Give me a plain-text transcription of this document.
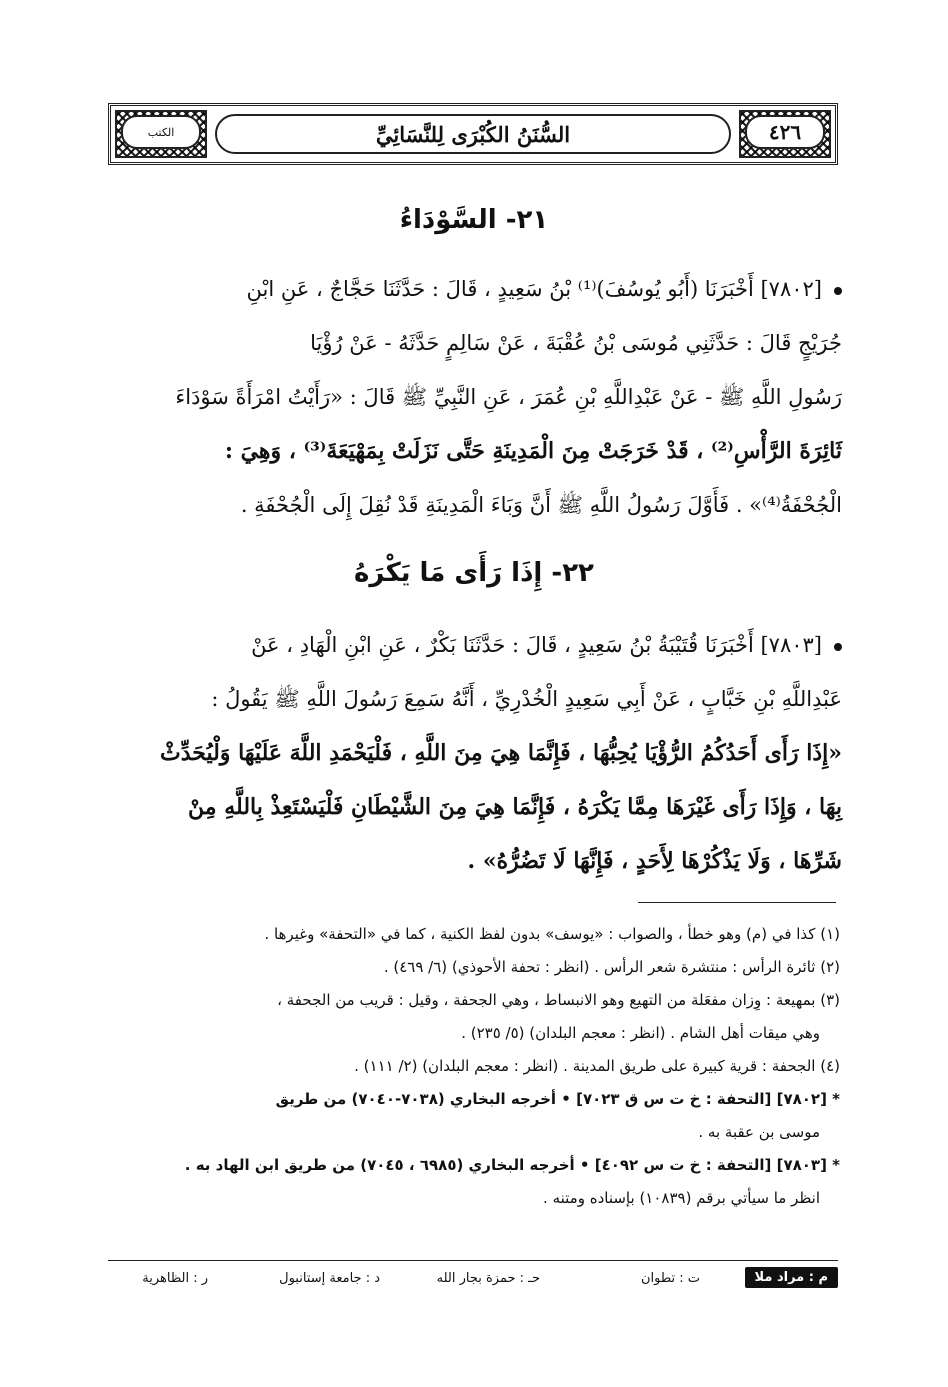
٤٢٦
الكتب	السُّنَنُ الكُبْرَى لِلنَّسَائِيِّ
٢١- السَّوْدَاءُ
[٧٨٠٢] أَخْبَرَنَا (أَبُو يُوسُفَ)⁽¹⁾ بْنُ سَعِيدٍ ، قَالَ : حَدَّثَنَا حَجَّاجٌ ، عَنِ ابْنِ
جُرَيْجٍ قَالَ : حَدَّثَنِي مُوسَى بْنُ عُقْبَةَ ، عَنْ سَالِمٍ حَدَّثَهُ - عَنْ رُؤْيَا
رَسُولِ اللَّهِ ﷺ - عَنْ عَبْدِاللَّهِ بْنِ عُمَرَ ، عَنِ النَّبِيِّ ﷺ قَالَ : «رَأَيْتُ امْرَأَةً سَوْدَاءَ
ثَائِرَةَ الرَّأْسِ⁽²⁾ ، قَدْ خَرَجَتْ مِنَ الْمَدِينَةِ حَتَّى نَزَلَتْ بِمَهْيَعَةَ⁽³⁾ ، وَهِيَ :
الْجُحْفَةُ⁽⁴⁾» . فَأَوَّلَ رَسُولُ اللَّهِ ﷺ أَنَّ وَبَاءَ الْمَدِينَةِ قَدْ نُقِلَ إِلَى الْجُحْفَةِ .
٢٢- إِذَا رَأَى مَا يَكْرَهُ
[٧٨٠٣] أَخْبَرَنَا قُتَيْبَةُ بْنُ سَعِيدٍ ، قَالَ : حَدَّثَنَا بَكْرٌ ، عَنِ ابْنِ الْهَادِ ، عَنْ
عَبْدِاللَّهِ بْنِ خَبَّابٍ ، عَنْ أَبِي سَعِيدٍ الْخُدْرِيِّ ، أَنَّهُ سَمِعَ رَسُولَ اللَّهِ ﷺ يَقُولُ :
«إِذَا رَأَى أَحَدُكُمُ الرُّؤْيَا يُحِبُّهَا ، فَإِنَّمَا هِيَ مِنَ اللَّهِ ، فَلْيَحْمَدِ اللَّهَ عَلَيْهَا وَلْيُحَدِّثْ
بِهَا ، وَإِذَا رَأَى غَيْرَهَا مِمَّا يَكْرَهُ ، فَإِنَّمَا هِيَ مِنَ الشَّيْطَانِ فَلْيَسْتَعِذْ بِاللَّهِ مِنْ
شَرِّهَا ، وَلَا يَذْكُرْهَا لِأَحَدٍ ، فَإِنَّهَا لَا تَضُرُّهُ» .
(١) كذا في (م) وهو خطأ ، والصواب : «يوسف» بدون لفظ الكنية ، كما في «التحفة» وغيرها .
(٢) ثائرة الرأس : منتشرة شعر الرأس . (انظر : تحفة الأحوذي) (٦/ ٤٦٩) .
(٣) بمهيعة : وِزان مفعَلة من التهيع وهو الانبساط ، وهي الجحفة ، وقيل : قريب من الجحفة ،
وهي ميقات أهل الشام . (انظر : معجم البلدان) (٥/ ٢٣٥) .
(٤) الجحفة : قرية كبيرة على طريق المدينة . (انظر : معجم البلدان) (٢/ ١١١) .
* [٧٨٠٢] [التحفة : خ ت س ق ٧٠٢٣] • أخرجه البخاري (٧٠٣٨-٧٠٤٠) من طريق
موسى بن عقبة به .
* [٧٨٠٣] [التحفة : خ ت س ٤٠٩٢] • أخرجه البخاري (٦٩٨٥ ، ٧٠٤٥) من طريق ابن الهاد به .
انظر ما سيأتي برقم (١٠٨٣٩) بإسناده ومتنه .
م : مراد ملا
ت : تطوان
حـ : حمزة بجار الله
د : جامعة إستانبول
ر : الظاهرية
